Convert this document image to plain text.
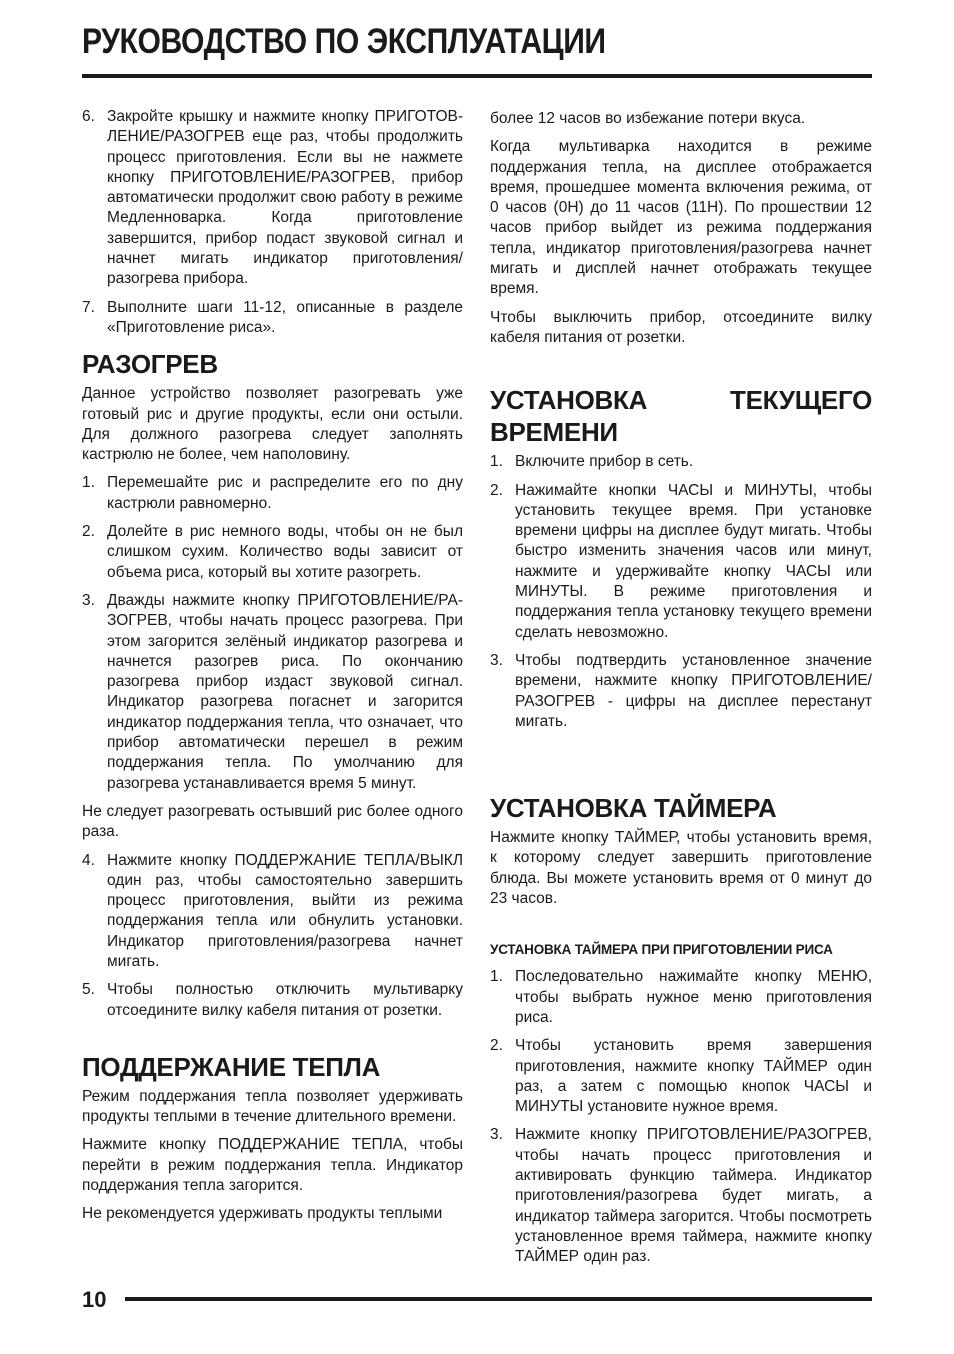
РУКОВОДСТВО ПО ЭКСПЛУАТАЦИИ
6. Закройте крышку и нажмите кнопку ПРИГОТОВ-ЛЕНИЕ/РАЗОГРЕВ еще раз, чтобы продолжить процесс приготовления. Если вы не нажмете кнопку ПРИГОТОВЛЕНИЕ/РАЗОГРЕВ, прибор автоматически продолжит свою работу в режиме Медленноварка. Когда приготовление завершится, прибор подаст звуковой сигнал и начнет мигать индикатор приготовления/разогрева прибора.
7. Выполните шаги 11-12, описанные в разделе «Приготовление риса».
РАЗОГРЕВ

Данное устройство позволяет разогревать уже готовый рис и другие продукты, если они остыли. Для должного разогрева следует заполнять кастрюлю не более, чем наполовину.

1. Перемешайте рис и распределите его по дну кастрюли равномерно.
2. Долейте в рис немного воды, чтобы он не был слишком сухим. Количество воды зависит от объема риса, который вы хотите разогреть.
3. Дважды нажмите кнопку ПРИГОТОВЛЕНИЕ/РА-ЗОГРЕВ, чтобы начать процесс разогрева. При этом загорится зелёный индикатор разогрева и начнется разогрев риса. По окончанию разогрева прибор издаст звуковой сигнал. Индикатор разогрева погаснет и загорится индикатор поддержания тепла, что означает, что прибор автоматически перешел в режим поддержания тепла. По умолчанию для разогрева устанавливается время 5 минут.

Не следует разогревать остывший рис более одного раза.

4. Нажмите кнопку ПОДДЕРЖАНИЕ ТЕПЛА/ВЫКЛ один раз, чтобы самостоятельно завершить процесс приготовления, выйти из режима поддержания тепла или обнулить установки. Индикатор приготовления/разогрева начнет мигать.
5. Чтобы полностью отключить мультиварку отсоедините вилку кабеля питания от розетки.
ПОДДЕРЖАНИЕ ТЕПЛА

Режим поддержания тепла позволяет удерживать продукты теплыми в течение длительного времени.

Нажмите кнопку ПОДДЕРЖАНИЕ ТЕПЛА, чтобы перейти в режим поддержания тепла. Индикатор поддержания тепла загорится.

Не рекомендуется удерживать продукты теплыми

более 12 часов во избежание потери вкуса.

Когда мультиварка находится в режиме поддержания тепла, на дисплее отображается время, прошедшее момента включения режима, от 0 часов (0H) до 11 часов (11H). По прошествии 12 часов прибор выйдет из режима поддержания тепла, индикатор приготовления/разогрева начнет мигать и дисплей начнет отображать текущее время.

Чтобы выключить прибор, отсоедините вилку кабеля питания от розетки.

УСТАНОВКА ТЕКУЩЕГО ВРЕМЕНИ
1. Включите прибор в сеть.
2. Нажимайте кнопки ЧАСЫ и МИНУТЫ, чтобы установить текущее время. При установке времени цифры на дисплее будут мигать. Чтобы быстро изменить значения часов или минут, нажмите и удерживайте кнопку ЧАСЫ или МИНУТЫ. В режиме приготовления и поддержания тепла установку текущего времени сделать невозможно.
3. Чтобы подтвердить установленное значение времени, нажмите кнопку ПРИГОТОВЛЕНИЕ/РАЗОГРЕВ - цифры на дисплее перестанут мигать.
УСТАНОВКА ТАЙМЕРА

Нажмите кнопку ТАЙМЕР, чтобы установить время, к которому следует завершить приготовление блюда. Вы можете установить время от 0 минут до 23 часов.

УСТАНОВКА ТАЙМЕРА ПРИ ПРИГОТОВЛЕНИИ РИСА
1. Последовательно нажимайте кнопку МЕНЮ, чтобы выбрать нужное меню приготовления риса.
2. Чтобы установить время завершения приготовления, нажмите кнопку ТАЙМЕР один раз, а затем с помощью кнопок ЧАСЫ и МИНУТЫ установите нужное время.
3. Нажмите кнопку ПРИГОТОВЛЕНИЕ/РАЗОГРЕВ, чтобы начать процесс приготовления и активировать функцию таймера. Индикатор приготовления/разогрева будет мигать, а индикатор таймера загорится. Чтобы посмотреть установленное время таймера, нажмите кнопку ТАЙМЕР один раз.
10
